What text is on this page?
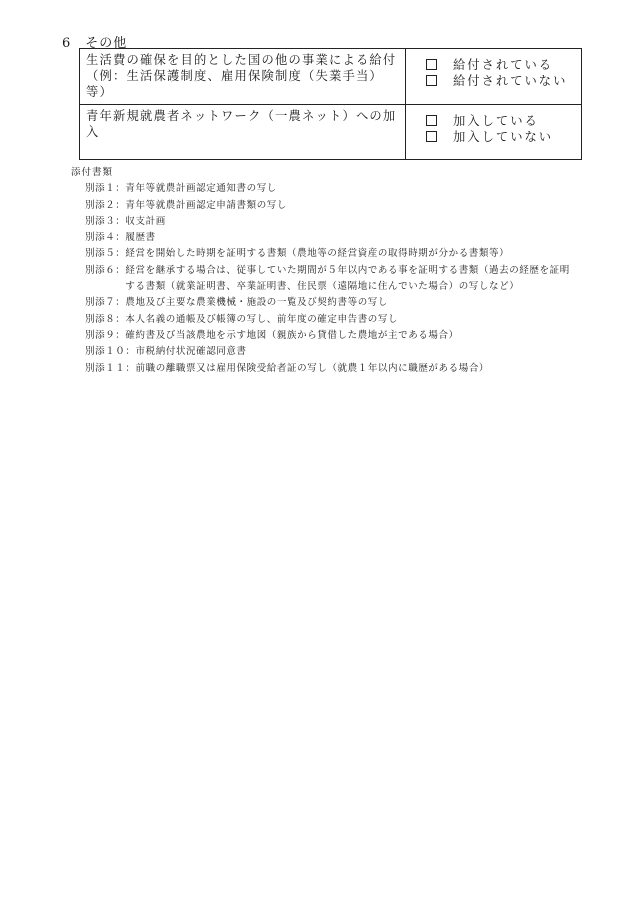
6 その他
生活費の確保を目的とした国の他の事業による給付（例：生活保護制度、雇用保険制度（失業手当）等）	給付されている
給付されていない

青年新規就農者ネットワーク（一農ネット）への加入	加入している
加入していない
添付書類
別添１： 青年等就農計画認定通知書の写し
別添２： 青年等就農計画認定申請書類の写し
別添３： 収支計画
別添４： 履歴書
別添５： 経営を開始した時期を証明する書類（農地等の経営資産の取得時期が分かる書類等）
別添６： 経営を継承する場合は、従事していた期間が５年以内である事を証明する書類（過去の経歴を証明する書類（就業証明書、卒業証明書、住民票（遠隔地に住んでいた場合）の写しなど）
別添７： 農地及び主要な農業機械・施設の一覧及び契約書等の写し
別添８： 本人名義の通帳及び帳簿の写し、前年度の確定申告書の写し
別添９： 確約書及び当該農地を示す地図（親族から貸借した農地が主である場合）
別添１０： 市税納付状況確認同意書
別添１１： 前職の離職票又は雇用保険受給者証の写し（就農１年以内に職歴がある場合）
